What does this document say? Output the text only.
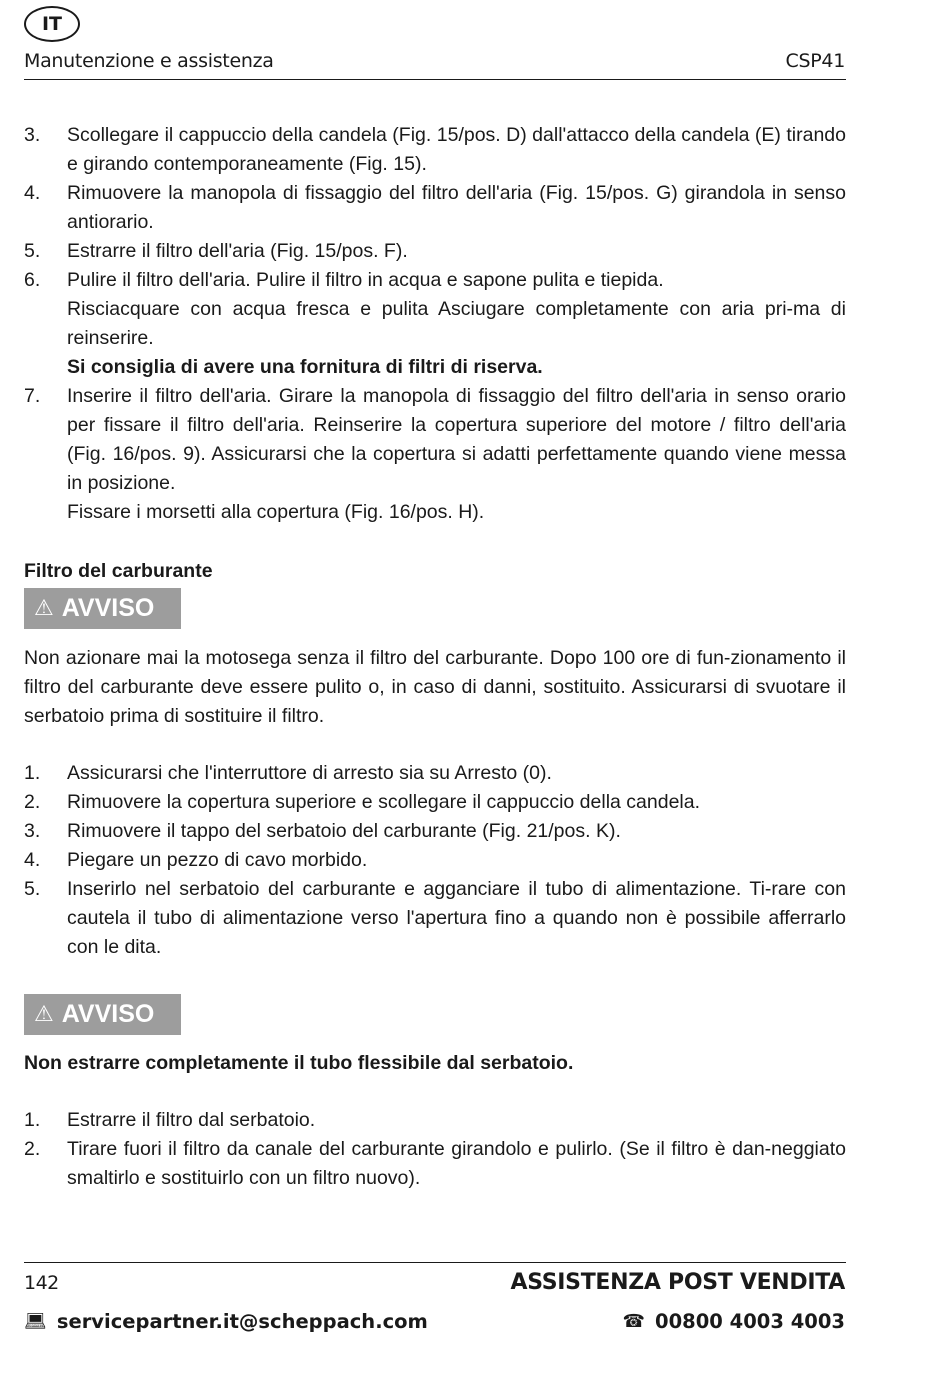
IT
Manutenzione e assistenza	CSP41
3. Scollegare il cappuccio della candela (Fig. 15/pos. D) dall'attacco della candela (E) tirando e girando contemporaneamente (Fig. 15).
4. Rimuovere la manopola di fissaggio del filtro dell'aria (Fig. 15/pos. G) girandola in senso antiorario.
5. Estrarre il filtro dell'aria (Fig. 15/pos. F).
6. Pulire il filtro dell'aria. Pulire il filtro in acqua e sapone pulita e tiepida.
Risciacquare con acqua fresca e pulita Asciugare completamente con aria pri-ma di reinserire.
Si consiglia di avere una fornitura di filtri di riserva.
7. Inserire il filtro dell'aria. Girare la manopola di fissaggio del filtro dell'aria in senso orario per fissare il filtro dell'aria. Reinserire la copertura superiore del motore / filtro dell'aria (Fig. 16/pos. 9). Assicurarsi che la copertura si adatti perfettamente quando viene messa in posizione.
Fissare i morsetti alla copertura (Fig. 16/pos. H).
Filtro del carburante
⚠ AVVISO

Non azionare mai la motosega senza il filtro del carburante. Dopo 100 ore di fun-zionamento il filtro del carburante deve essere pulito o, in caso di danni, sostituito. Assicurarsi di svuotare il serbatoio prima di sostituire il filtro.

1. Assicurarsi che l'interruttore di arresto sia su Arresto (0).
2. Rimuovere la copertura superiore e scollegare il cappuccio della candela.
3. Rimuovere il tappo del serbatoio del carburante (Fig. 21/pos. K).
4. Piegare un pezzo di cavo morbido.
5. Inserirlo nel serbatoio del carburante e agganciare il tubo di alimentazione. Ti-rare con cautela il tubo di alimentazione verso l'apertura fino a quando non è possibile afferrarlo con le dita.
⚠ AVVISO
Non estrarre completamente il tubo flessibile dal serbatoio.
1. Estrarre il filtro dal serbatoio.
2. Tirare fuori il filtro da canale del carburante girandolo e pulirlo. (Se il filtro è dan-neggiato smaltirlo e sostituirlo con un filtro nuovo).
142	ASSISTENZA POST VENDITA
💻︎ servicepartner.it@scheppach.com	☎ 00800 4003 4003
